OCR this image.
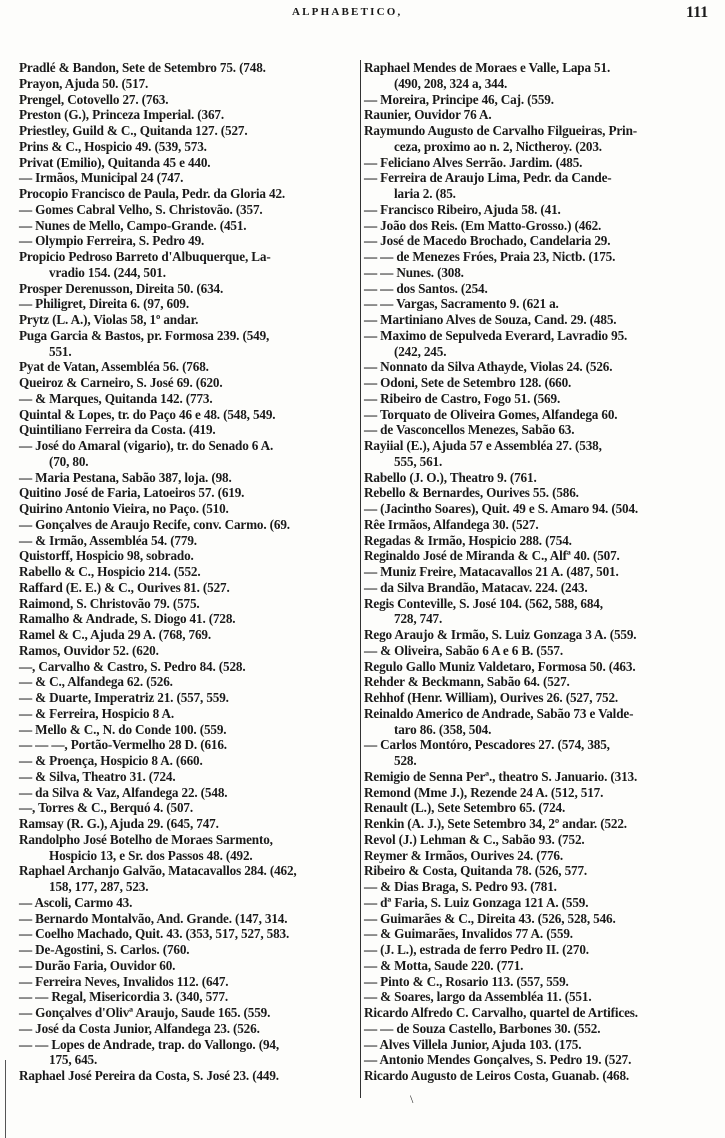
ALPHABETICO,	111
Pradlé & Bandon, Sete de Setembro 75. (748.
Prayon, Ajuda 50. (517.
Prengel, Cotovello 27. (763.
Preston (G.), Princeza Imperial. (367.
Priestley, Guild & C., Quitanda 127. (527.
Prins & C., Hospicio 49. (539, 573.
Privat (Emilio), Quitanda 45 e 440.
— Irmãos, Municipal 24 (747.
Procopio Francisco de Paula, Pedr. da Gloria 42.
— Gomes Cabral Velho, S. Christovão. (357.
— Nunes de Mello, Campo-Grande. (451.
— Olympio Ferreira, S. Pedro 49.
Propicio Pedroso Barreto d'Albuquerque, La-
vradio 154. (244, 501.
Prosper Derenusson, Direita 50. (634.
— Philigret, Direita 6. (97, 609.
Prytz (L. A.), Violas 58, 1º andar.
Puga Garcia & Bastos, pr. Formosa 239. (549,
551.
Pyat de Vatan, Assembléa 56. (768.
Queiroz & Carneiro, S. José 69. (620.
— & Marques, Quitanda 142. (773.
Quintal & Lopes, tr. do Paço 46 e 48. (548, 549.
Quintiliano Ferreira da Costa. (419.
— José do Amaral (vigario), tr. do Senado 6 A.
(70, 80.
— Maria Pestana, Sabão 387, loja. (98.
Quitino José de Faria, Latoeiros 57. (619.
Quirino Antonio Vieira, no Paço. (510.
— Gonçalves de Araujo Recife, conv. Carmo. (69.
— & Irmão, Assembléa 54. (779.
Quistorff, Hospicio 98, sobrado.
Rabello & C., Hospicio 214. (552.
Raffard (E. E.) & C., Ourives 81. (527.
Raimond, S. Christovão 79. (575.
Ramalho & Andrade, S. Diogo 41. (728.
Ramel & C., Ajuda 29 A. (768, 769.
Ramos, Ouvidor 52. (620.
—, Carvalho & Castro, S. Pedro 84. (528.
— & C., Alfandega 62. (526.
— & Duarte, Imperatriz 21. (557, 559.
— & Ferreira, Hospicio 8 A.
— Mello & C., N. do Conde 100. (559.
— — —, Portão-Vermelho 28 D. (616.
— & Proença, Hospicio 8 A. (660.
— & Silva, Theatro 31. (724.
— da Silva & Vaz, Alfandega 22. (548.
—, Torres & C., Berquó 4. (507.
Ramsay (R. G.), Ajuda 29. (645, 747.
Randolpho José Botelho de Moraes Sarmento,
Hospicio 13, e Sr. dos Passos 48. (492.
Raphael Archanjo Galvão, Matacavallos 284. (462,
158, 177, 287, 523.
— Ascoli, Carmo 43.
— Bernardo Montalvão, And. Grande. (147, 314.
— Coelho Machado, Quit. 43. (353, 517, 527, 583.
— De-Agostini, S. Carlos. (760.
— Durão Faria, Ouvidor 60.
— Ferreira Neves, Invalidos 112. (647.
— — Regal, Misericordia 3. (340, 577.
— Gonçalves d'Olivª Araujo, Saude 165. (559.
— José da Costa Junior, Alfandega 23. (526.
— — Lopes de Andrade, trap. do Vallongo. (94,
175, 645.
Raphael José Pereira da Costa, S. José 23. (449.
Raphael Mendes de Moraes e Valle, Lapa 51.
(490, 208, 324 a, 344.
— Moreira, Principe 46, Caj. (559.
Raunier, Ouvidor 76 A.
Raymundo Augusto de Carvalho Filgueiras, Prin-
ceza, proximo ao n. 2, Nictheroy. (203.
— Feliciano Alves Serrão. Jardim. (485.
— Ferreira de Araujo Lima, Pedr. da Cande-
laria 2. (85.
— Francisco Ribeiro, Ajuda 58. (41.
— João dos Reis. (Em Matto-Grosso.) (462.
— José de Macedo Brochado, Candelaria 29.
— — de Menezes Fróes, Praia 23, Nictb. (175.
— — Nunes. (308.
— — dos Santos. (254.
— — Vargas, Sacramento 9. (621 a.
— Martiniano Alves de Souza, Cand. 29. (485.
— Maximo de Sepulveda Everard, Lavradio 95.
(242, 245.
— Nonnato da Silva Athayde, Violas 24. (526.
— Odoni, Sete de Setembro 128. (660.
— Ribeiro de Castro, Fogo 51. (569.
— Torquato de Oliveira Gomes, Alfandega 60.
— de Vasconcellos Menezes, Sabão 63.
Rayiial (E.), Ajuda 57 e Assembléa 27. (538,
555, 561.
Rabello (J. O.), Theatro 9. (761.
Rebello & Bernardes, Ourives 55. (586.
— (Jacintho Soares), Quit. 49 e S. Amaro 94. (504.
Rêe Irmãos, Alfandega 30. (527.
Regadas & Irmão, Hospicio 288. (754.
Reginaldo José de Miranda & C., Alfª 40. (507.
— Muniz Freire, Matacavallos 21 A. (487, 501.
— da Silva Brandão, Matacav. 224. (243.
Regis Conteville, S. José 104. (562, 588, 684,
728, 747.
Rego Araujo & Irmão, S. Luiz Gonzaga 3 A. (559.
— & Oliveira, Sabão 6 A e 6 B. (557.
Regulo Gallo Muniz Valdetaro, Formosa 50. (463.
Rehder & Beckmann, Sabão 64. (527.
Rehhof (Henr. William), Ourives 26. (527, 752.
Reinaldo Americo de Andrade, Sabão 73 e Valde-
taro 86. (358, 504.
— Carlos Montóro, Pescadores 27. (574, 385,
528.
Remigio de Senna Perª., theatro S. Januario. (313.
Remond (Mme J.), Rezende 24 A. (512, 517.
Renault (L.), Sete Setembro 65. (724.
Renkin (A. J.), Sete Setembro 34, 2º andar. (522.
Revol (J.) Lehman & C., Sabão 93. (752.
Reymer & Irmãos, Ourives 24. (776.
Ribeiro & Costa, Quitanda 78. (526, 577.
— & Dias Braga, S. Pedro 93. (781.
— dª Faria, S. Luiz Gonzaga 121 A. (559.
— Guimarães & C., Direita 43. (526, 528, 546.
— & Guimarães, Invalidos 77 A. (559.
— (J. L.), estrada de ferro Pedro II. (270.
— & Motta, Saude 220. (771.
— Pinto & C., Rosario 113. (557, 559.
— & Soares, largo da Assembléa 11. (551.
Ricardo Alfredo C. Carvalho, quartel de Artifices.
— — de Souza Castello, Barbones 30. (552.
— Alves Villela Junior, Ajuda 103. (175.
— Antonio Mendes Gonçalves, S. Pedro 19. (527.
Ricardo Augusto de Leiros Costa, Guanab. (468.
\
